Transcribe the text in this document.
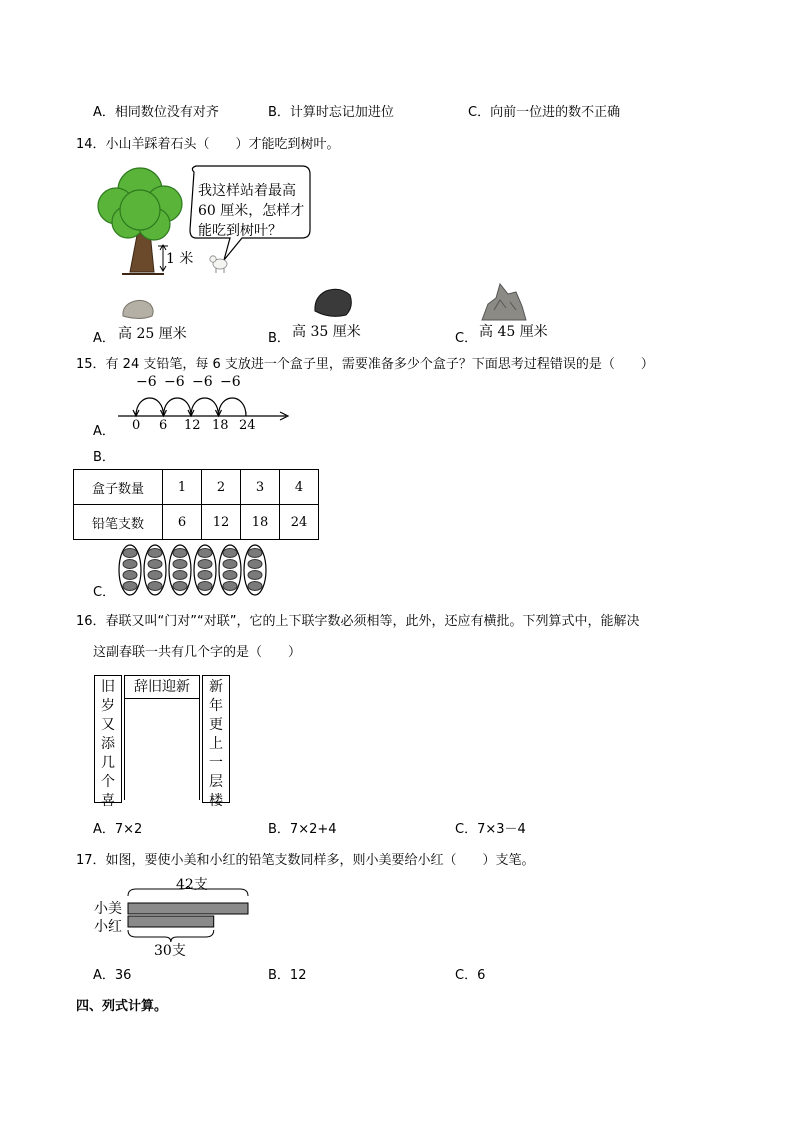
A．相同数位没有对齐	B．计算时忘记加进位	C．向前一位进的数不正确
14．小山羊踩着石头（　　）才能吃到树叶。
我这样站着最高
60 厘米，怎样才
能吃到树叶？
1 米
A． 高 25 厘米	B． 高 35 厘米	C． 高 45 厘米
15．有 24 支铅笔，每 6 支放进一个盒子里，需要准备多少个盒子？下面思考过程错误的是（　　）
A．
−6 −6 −6 −6
0 6 12 18 24
B．
盒子数量	1	2	3	4
铅笔支数	6	12	18	24
C．
16．春联又叫“门对”“对联”，它的上下联字数必须相等，此外，还应有横批。下列算式中，能解决
这副春联一共有几个字的是（　　）
旧
岁
又
添
几
个
喜
辞旧迎新	新
年
更
上
一
层
楼
A．7×2	B．7×2+4	C．7×3－4
17．如图，要使小美和小红的铅笔支数同样多，则小美要给小红（　　）支笔。
42支
小美
小红
30支
A．36	B．12	C．6
四、列式计算。
